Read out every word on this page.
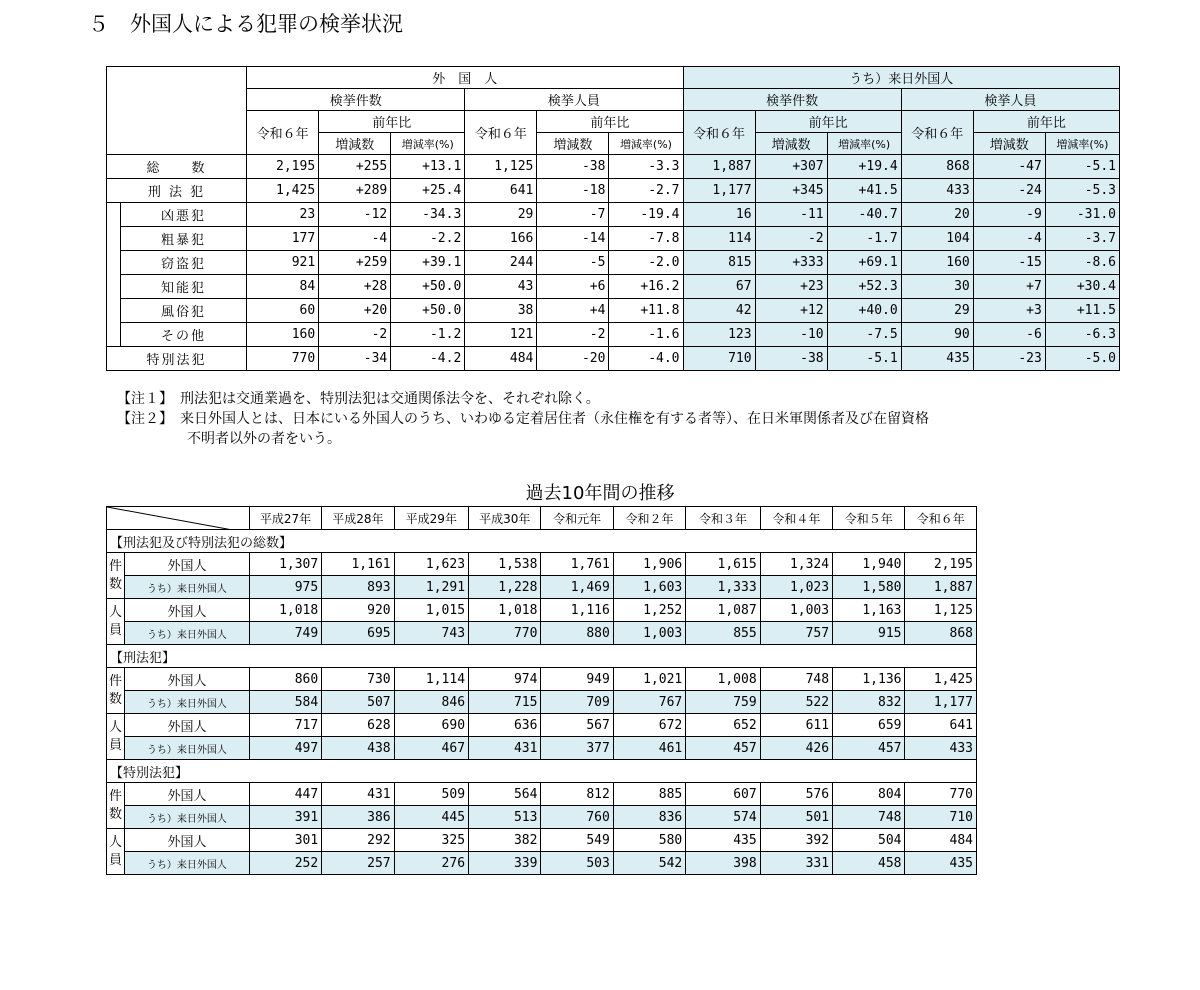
５　外国人による犯罪の検挙状況
		外　国　人						うち）来日外国人					
		検挙件数			検挙人員			検挙件数			検挙人員		
		令和６年	前年比		令和６年	前年比		令和６年	前年比		令和６年	前年比	
			増減数	増減率(%)		増減数	増減率(%)		増減数	増減率(%)		増減数	増減率(%)
総　　数		2,195	+255	+13.1	1,125	-38	-3.3	1,887	+307	+19.4	868	-47	-5.1
刑 法 犯		1,425	+289	+25.4	641	-18	-2.7	1,177	+345	+41.5	433	-24	-5.3
	凶悪犯	23	-12	-34.3	29	-7	-19.4	16	-11	-40.7	20	-9	-31.0
	粗暴犯	177	-4	-2.2	166	-14	-7.8	114	-2	-1.7	104	-4	-3.7
	窃盗犯	921	+259	+39.1	244	-5	-2.0	815	+333	+69.1	160	-15	-8.6
	知能犯	84	+28	+50.0	43	+6	+16.2	67	+23	+52.3	30	+7	+30.4
	風俗犯	60	+20	+50.0	38	+4	+11.8	42	+12	+40.0	29	+3	+11.5
	その他	160	-2	-1.2	121	-2	-1.6	123	-10	-7.5	90	-6	-6.3
特別法犯		770	-34	-4.2	484	-20	-4.0	710	-38	-5.1	435	-23	-5.0
【注１】　刑法犯は交通業過を、特別法犯は交通関係法令を、それぞれ除く。
【注２】　来日外国人とは、日本にいる外国人のうち、いわゆる定着居住者（永住権を有する者等）、在日米軍関係者及び在留資格
　　　　　不明者以外の者をいう。
過去10年間の推移
	平成27年	平成28年	平成29年	平成30年	令和元年	令和２年	令和３年	令和４年	令和５年	令和６年
【刑法犯及び特別法犯の総数】											
件数	外国人	1,307	1,161	1,623	1,538	1,761	1,906	1,615	1,324	1,940	2,195
	うち）来日外国人	975	893	1,291	1,228	1,469	1,603	1,333	1,023	1,580	1,887
人員	外国人	1,018	920	1,015	1,018	1,116	1,252	1,087	1,003	1,163	1,125
	うち）来日外国人	749	695	743	770	880	1,003	855	757	915	868
【刑法犯】											
件数	外国人	860	730	1,114	974	949	1,021	1,008	748	1,136	1,425
	うち）来日外国人	584	507	846	715	709	767	759	522	832	1,177
人員	外国人	717	628	690	636	567	672	652	611	659	641
	うち）来日外国人	497	438	467	431	377	461	457	426	457	433
【特別法犯】											
件数	外国人	447	431	509	564	812	885	607	576	804	770
	うち）来日外国人	391	386	445	513	760	836	574	501	748	710
人員	外国人	301	292	325	382	549	580	435	392	504	484
	うち）来日外国人	252	257	276	339	503	542	398	331	458	435
